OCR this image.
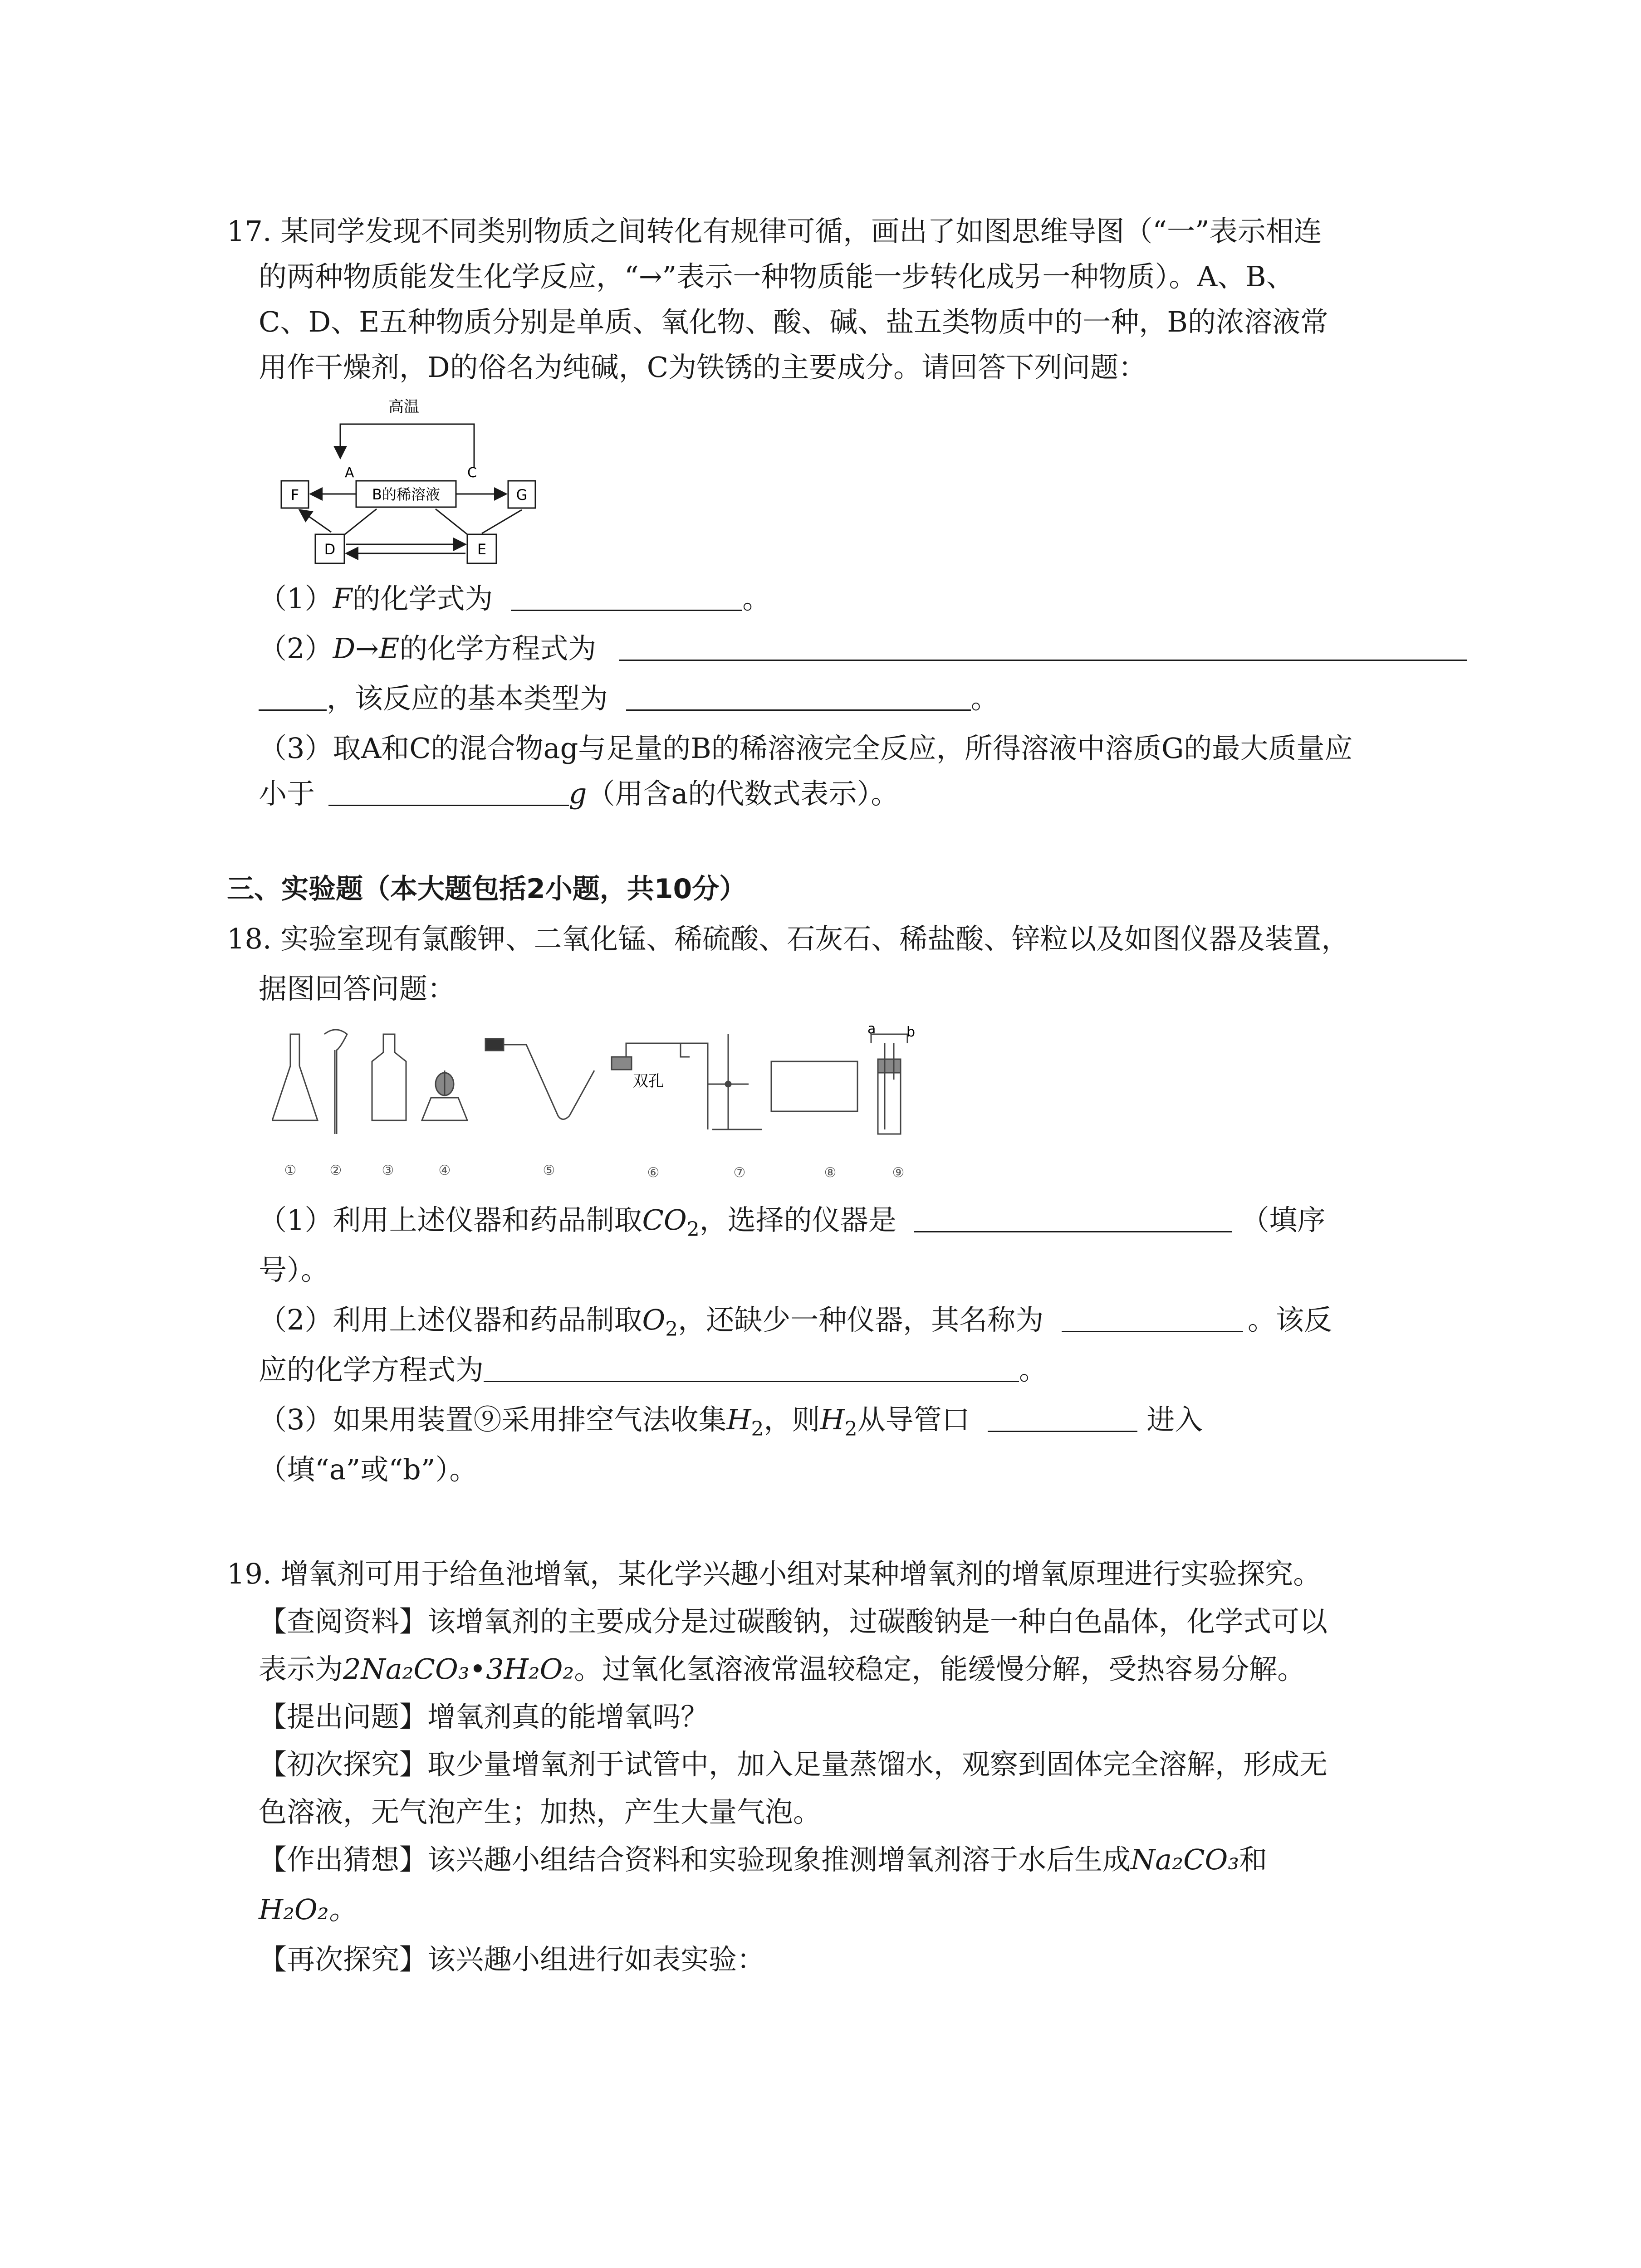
17. 某同学发现不同类别物质之间转化有规律可循，画出了如图思维导图（“一”表示相连
的两种物质能发生化学反应，“→”表示一种物质能一步转化成另一种物质）。A、B、
C、D、E五种物质分别是单质、氧化物、酸、碱、盐五类物质中的一种，B的浓溶液常
用作干燥剂，D的俗名为纯碱，C为铁锈的主要成分。请回答下列问题：
高温
A	C
B的稀溶液
F	G
D	E
（1）F的化学式为	。
（2）D→E的化学方程式为
，该反应的基本类型为	。
（3）取A和C的混合物ag与足量的B的稀溶液完全反应，所得溶液中溶质G的最大质量应
小于	g（用含a的代数式表示）。
三、实验题（本大题包括2小题，共10分）
18. 实验室现有氯酸钾、二氧化锰、稀硫酸、石灰石、稀盐酸、锌粒以及如图仪器及装置，
据图回答问题：
双孔
a b
① ②	③	④	⑤	⑥	⑦	⑧	⑨
（1）利用上述仪器和药品制取$CO_2$，选择的仪器是	（填序
号）。
（2）利用上述仪器和药品制取$O_2$，还缺少一种仪器，其名称为	。该反
应的化学方程式为	。
（3）如果用装置⑨采用排空气法收集$H_2$，则$H_2$从导管口	进入
（填“a”或“b”）。
19. 增氧剂可用于给鱼池增氧，某化学兴趣小组对某种增氧剂的增氧原理进行实验探究。
【查阅资料】该增氧剂的主要成分是过碳酸钠，过碳酸钠是一种白色晶体，化学式可以
表示为2Na₂CO₃•3H₂O₂。过氧化氢溶液常温较稳定，能缓慢分解，受热容易分解。
【提出问题】增氧剂真的能增氧吗？
【初次探究】取少量增氧剂于试管中，加入足量蒸馏水，观察到固体完全溶解，形成无
色溶液，无气泡产生；加热，产生大量气泡。
【作出猜想】该兴趣小组结合资料和实验现象推测增氧剂溶于水后生成Na₂CO₃和
H₂O₂。
【再次探究】该兴趣小组进行如表实验：
